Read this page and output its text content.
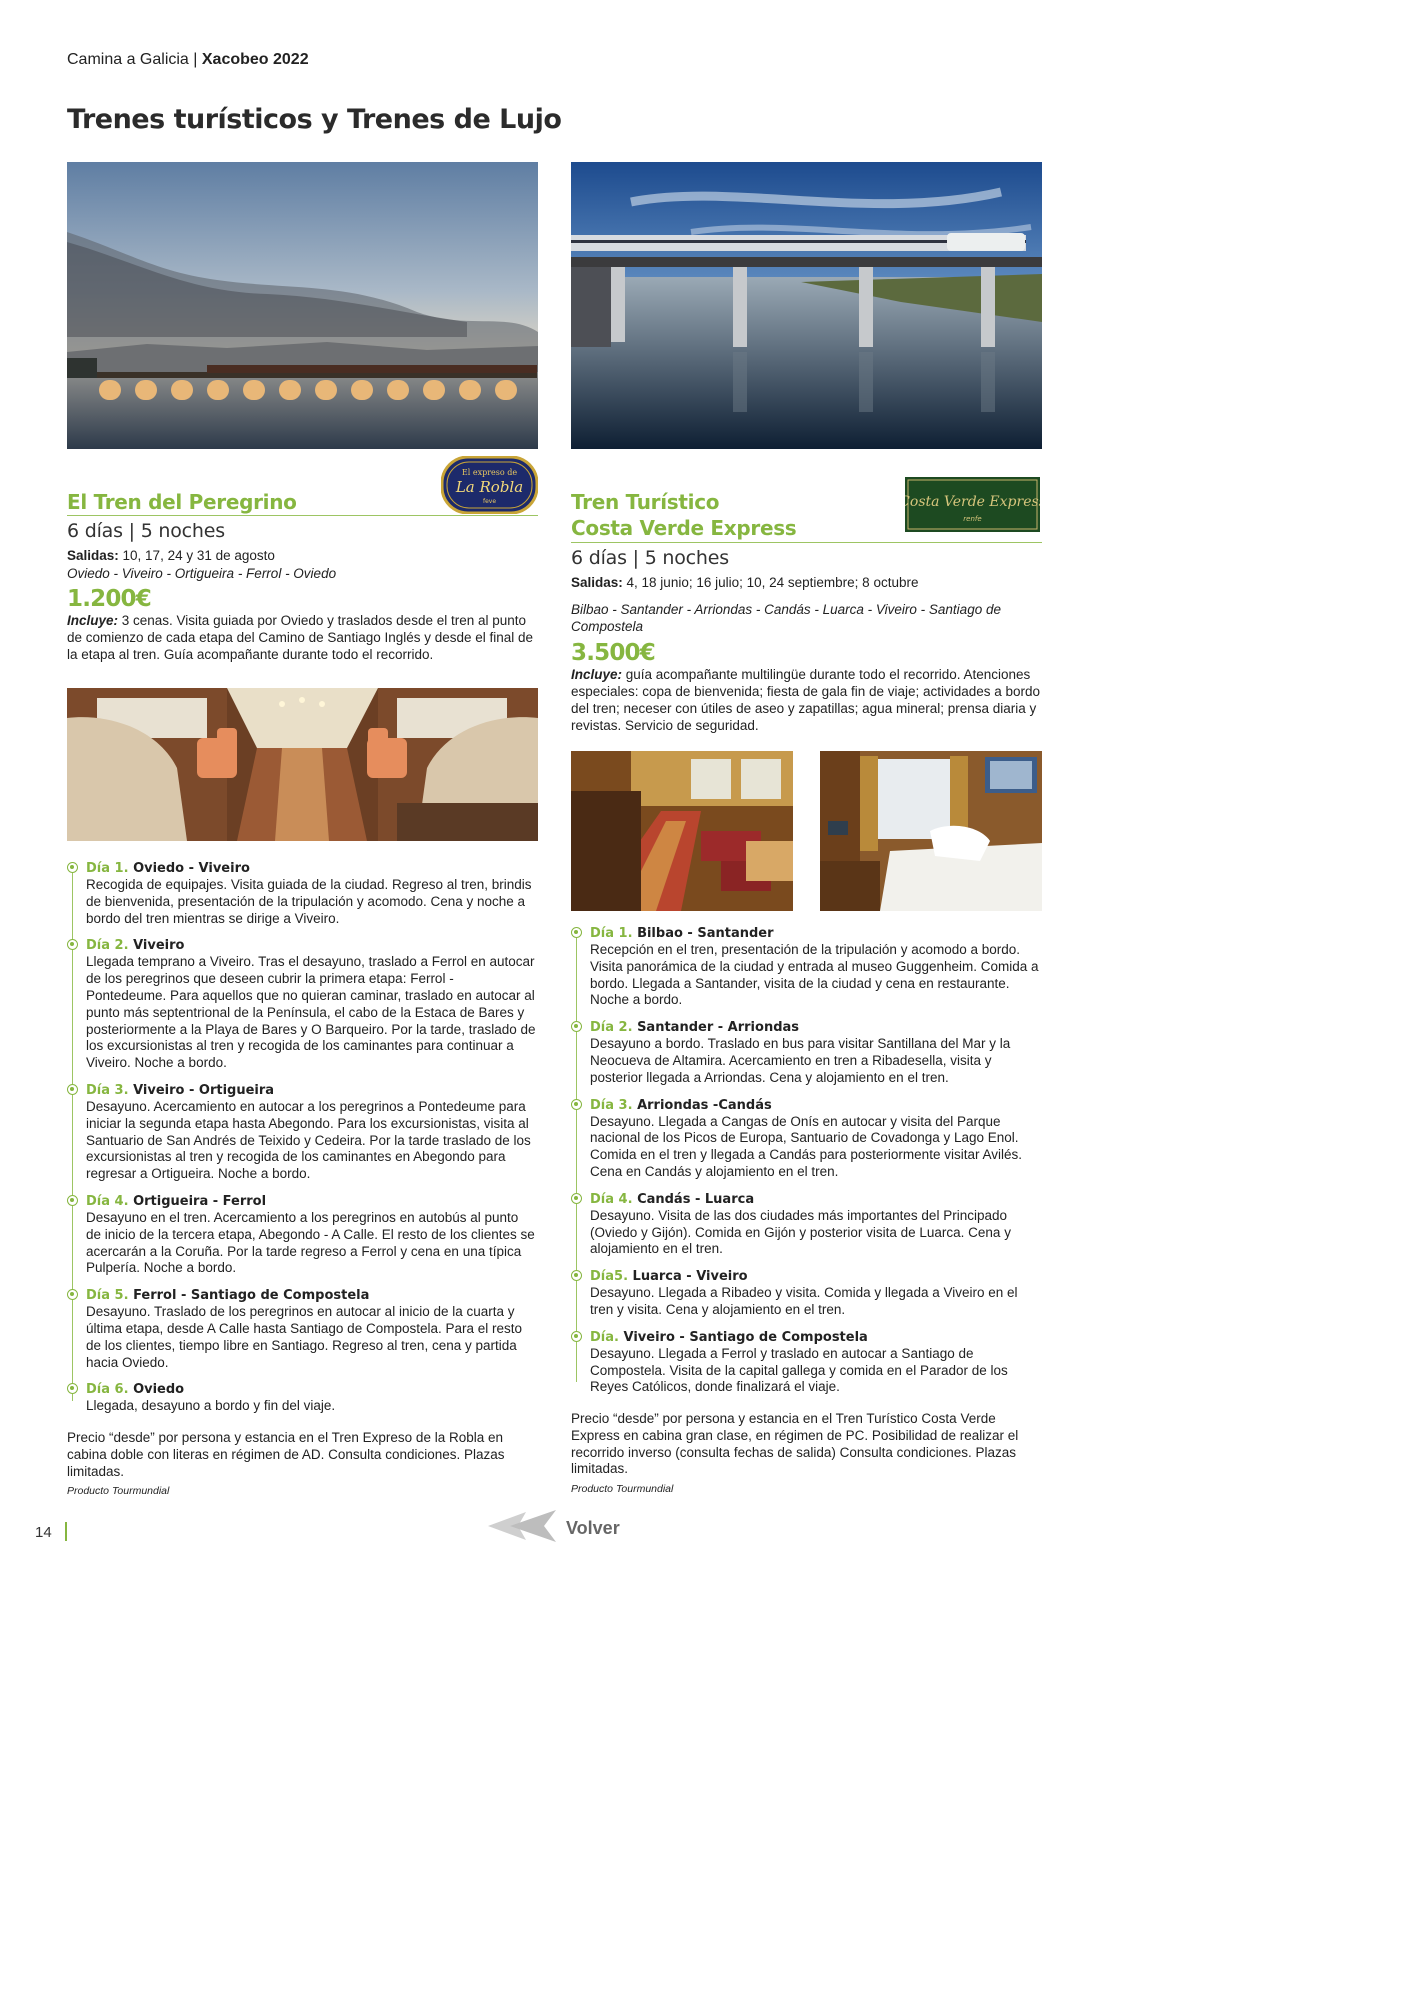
Camina a Galicia | Xacobeo 2022
Trenes turísticos y Trenes de Lujo
El expreso de
La Robla
feve	Costa Verde Express
renfe
El Tren del Peregrino
6 días | 5 noches
Salidas: 10, 17, 24 y 31 de agosto
Oviedo - Viveiro - Ortigueira - Ferrol - Oviedo
1.200€
Incluye: 3 cenas. Visita guiada por Oviedo y traslados desde el tren al punto de comienzo de cada etapa del Camino de Santiago Inglés y desde el final de la etapa al tren. Guía acompañante durante todo el recorrido.
Día 1. Oviedo - Viveiro
Recogida de equipajes. Visita guiada de la ciudad. Regreso al tren, brindis de bienvenida, presentación de la tripulación y acomodo. Cena y noche a bordo del tren mientras se dirige a Viveiro.
Día 2. Viveiro
Llegada temprano a Viveiro. Tras el desayuno, traslado a Ferrol en autocar de los peregrinos que deseen cubrir la primera etapa: Ferrol - Pontedeume. Para aquellos que no quieran caminar, traslado en autocar al punto más septentrional de la Península, el cabo de la Estaca de Bares y posteriormente a la Playa de Bares y O Barqueiro. Por la tarde, traslado de los excursionistas al tren y recogida de los caminantes para continuar a Viveiro. Noche a bordo.
Día 3. Viveiro - Ortigueira
Desayuno. Acercamiento en autocar a los peregrinos a Pontedeume para iniciar la segunda etapa hasta Abegondo. Para los excursionistas, visita al Santuario de San Andrés de Teixido y Cedeira. Por la tarde traslado de los excursionistas al tren y recogida de los caminantes en Abegondo para regresar a Ortigueira. Noche a bordo.
Día 4. Ortigueira - Ferrol
Desayuno en el tren. Acercamiento a los peregrinos en autobús al punto de inicio de la tercera etapa, Abegondo - A Calle. El resto de los clientes se acercarán a la Coruña. Por la tarde regreso a Ferrol y cena en una típica Pulpería. Noche a bordo.
Día 5. Ferrol - Santiago de Compostela
Desayuno. Traslado de los peregrinos en autocar al inicio de la cuarta y última etapa, desde A Calle hasta Santiago de Compostela. Para el resto de los clientes, tiempo libre en Santiago. Regreso al tren, cena y partida hacia Oviedo.
Día 6. Oviedo
Llegada, desayuno a bordo y fin del viaje.
Precio “desde” por persona y estancia en el Tren Expreso de la Robla en cabina doble con literas en régimen de AD. Consulta condiciones. Plazas limitadas.
Producto Tourmundial
Tren Turístico
Costa Verde Express
6 días | 5 noches
Salidas: 4, 18 junio; 16 julio; 10, 24 septiembre; 8 octubre
Bilbao - Santander - Arriondas - Candás - Luarca - Viveiro - Santiago de Compostela
3.500€
Incluye: guía acompañante multilingüe durante todo el recorrido. Atenciones especiales: copa de bienvenida; fiesta de gala fin de viaje; actividades a bordo del tren; neceser con útiles de aseo y zapatillas; agua mineral; prensa diaria y revistas. Servicio de seguridad.
Día 1. Bilbao - Santander
Recepción en el tren, presentación de la tripulación y acomodo a bordo. Visita panorámica de la ciudad y entrada al museo Guggenheim. Comida a bordo. Llegada a Santander, visita de la ciudad y cena en restaurante. Noche a bordo.
Día 2. Santander - Arriondas
Desayuno a bordo. Traslado en bus para visitar Santillana del Mar y la Neocueva de Altamira. Acercamiento en tren a Ribadesella, visita y posterior llegada a Arriondas. Cena y alojamiento en el tren.
Día 3. Arriondas -Candás
Desayuno. Llegada a Cangas de Onís en autocar y visita del Parque nacional de los Picos de Europa, Santuario de Covadonga y Lago Enol. Comida en el tren y llegada a Candás para posteriormente visitar Avilés. Cena en Candás y alojamiento en el tren.
Día 4. Candás - Luarca
Desayuno. Visita de las dos ciudades más importantes del Principado (Oviedo y Gijón). Comida en Gijón y posterior visita de Luarca. Cena y alojamiento en el tren.
Día5. Luarca - Viveiro
Desayuno. Llegada a Ribadeo y visita. Comida y llegada a Viveiro en el tren y visita. Cena y alojamiento en el tren.
Día. Viveiro - Santiago de Compostela
Desayuno. Llegada a Ferrol y traslado en autocar a Santiago de Compostela. Visita de la capital gallega y comida en el Parador de los Reyes Católicos, donde finalizará el viaje.
Precio “desde” por persona y estancia en el Tren Turístico Costa Verde Express en cabina gran clase, en régimen de PC. Posibilidad de realizar el recorrido inverso (consulta fechas de salida) Consulta condiciones. Plazas limitadas.
Producto Tourmundial
14	Volver
